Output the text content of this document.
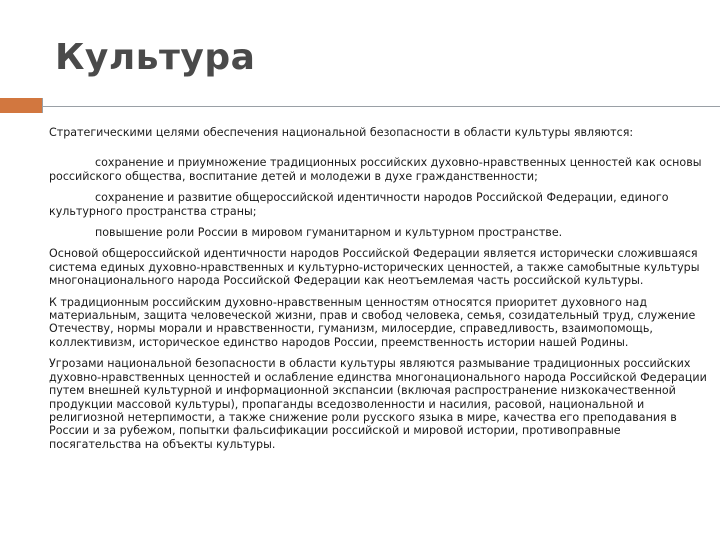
Культура

Стратегическими целями обеспечения национальной безопасности в области культуры являются:

сохранение и приумножение традиционных российских духовно-нравственных ценностей как основы российского общества, воспитание детей и молодежи в духе гражданственности;

сохранение и развитие общероссийской идентичности народов Российской Федерации, единого культурного пространства страны;

повышение роли России в мировом гуманитарном и культурном пространстве.

Основой общероссийской идентичности народов Российской Федерации является исторически сложившаяся система единых духовно-нравственных и культурно-исторических ценностей, а также самобытные культуры многонационального народа Российской Федерации как неотъемлемая часть российской культуры.

К традиционным российским духовно-нравственным ценностям относятся приоритет духовного над материальным, защита человеческой жизни, прав и свобод человека, семья, созидательный труд, служение Отечеству, нормы морали и нравственности, гуманизм, милосердие, справедливость, взаимопомощь, коллективизм, историческое единство народов России, преемственность истории нашей Родины.

Угрозами национальной безопасности в области культуры являются размывание традиционных российских духовно-нравственных ценностей и ослабление единства многонационального народа Российской Федерации путем внешней культурной и информационной экспансии (включая распространение низкокачественной продукции массовой культуры), пропаганды вседозволенности и насилия, расовой, национальной и религиозной нетерпимости, а также снижение роли русского языка в мире, качества его преподавания в России и за рубежом, попытки фальсификации российской и мировой истории, противоправные посягательства на объекты культуры.
